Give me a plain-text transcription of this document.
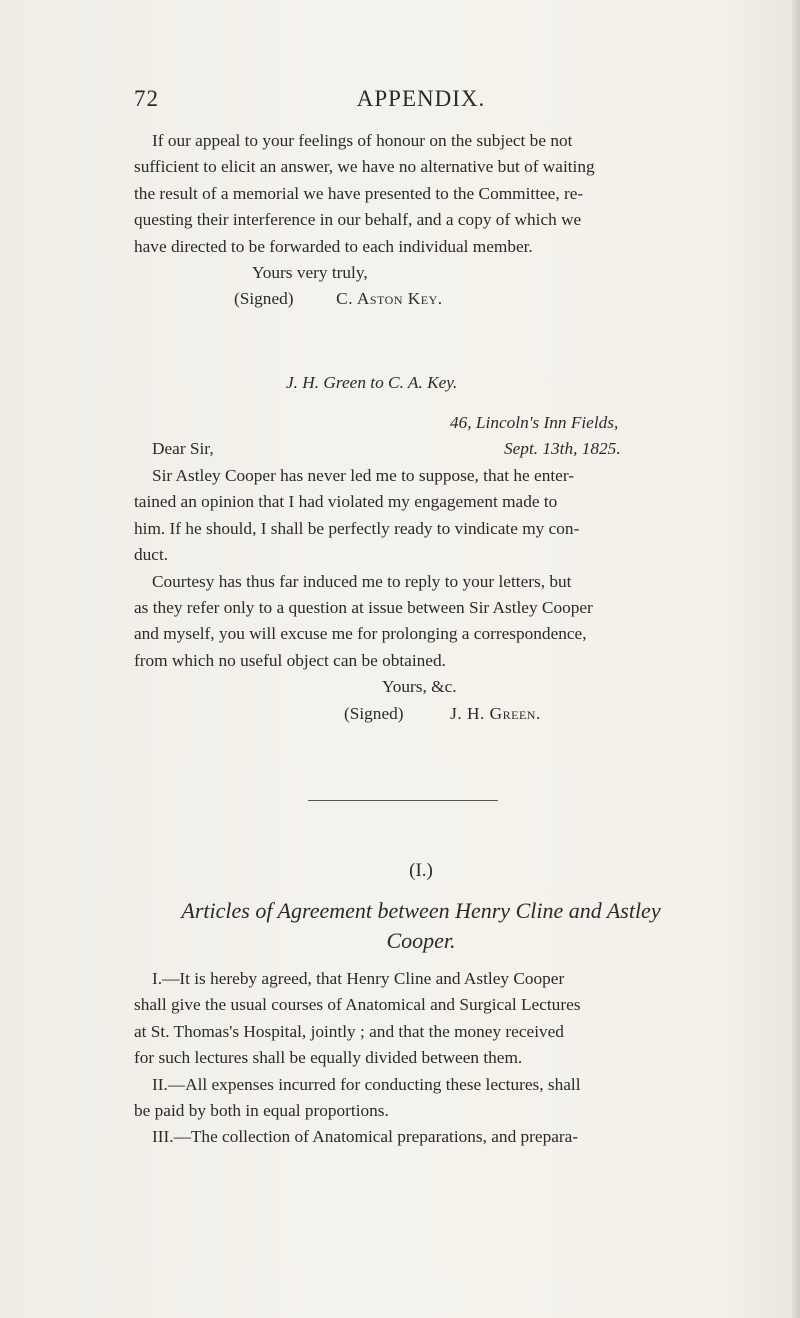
72	APPENDIX.

If our appeal to your feelings of honour on the subject be not
sufficient to elicit an answer, we have no alternative but of waiting
the result of a memorial we have presented to the Committee, re-
questing their interference in our behalf, and a copy of which we
have directed to be forwarded to each individual member.

Yours very truly,
(Signed) C. Aston Key.
J. H. Green to C. A. Key.
46, Lincoln's Inn Fields,
Dear Sir,	Sept. 13th, 1825.

Sir Astley Cooper has never led me to suppose, that he enter-
tained an opinion that I had violated my engagement made to
him. If he should, I shall be perfectly ready to vindicate my con-
duct.

Courtesy has thus far induced me to reply to your letters, but
as they refer only to a question at issue between Sir Astley Cooper
and myself, you will excuse me for prolonging a correspondence,
from which no useful object can be obtained.

Yours, &c.
(Signed)	J. H. Green.
(I.)
Articles of Agreement between Henry Cline and Astley
Cooper.

I.—It is hereby agreed, that Henry Cline and Astley Cooper
shall give the usual courses of Anatomical and Surgical Lectures
at St. Thomas's Hospital, jointly ; and that the money received
for such lectures shall be equally divided between them.

II.—All expenses incurred for conducting these lectures, shall
be paid by both in equal proportions.

III.—The collection of Anatomical preparations, and prepara-
